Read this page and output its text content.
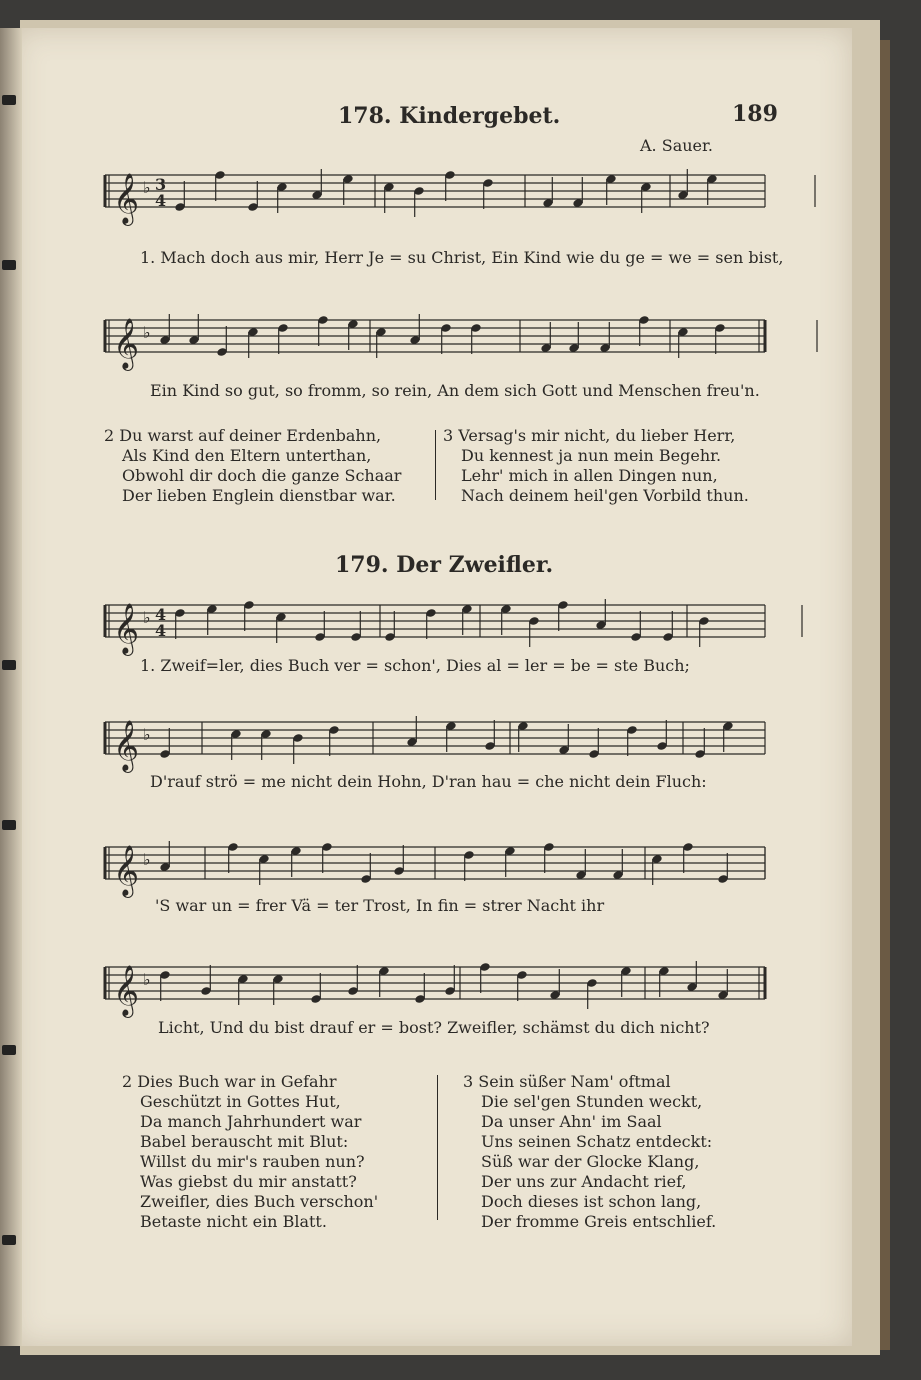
178. Kindergebet.	189
A. Sauer.
𝄞 ♭ 3
4
1. Mach doch aus mir, Herr Je = su Christ, Ein Kind wie du ge = we = sen bist,
𝄞 ♭
Ein Kind so gut, so fromm, so rein, An dem sich Gott und Menschen freu'n.
2 Du warst auf deiner Erdenbahn,
Als Kind den Eltern unterthan,
Obwohl dir doch die ganze Schaar
Der lieben Englein dienstbar war.
3 Versag's mir nicht, du lieber Herr,
Du kennest ja nun mein Begehr.
Lehr' mich in allen Dingen nun,
Nach deinem heil'gen Vorbild thun.
179. Der Zweifler.
𝄞 ♭ 4
4
1. Zweif=ler, dies Buch ver = schon', Dies al = ler = be = ste Buch;
𝄞 ♭
D'rauf strö = me nicht dein Hohn, D'ran hau = che nicht dein Fluch:
𝄞 ♭
'S war un = frer Vä = ter Trost, In fin = strer Nacht ihr
𝄞 ♭
Licht, Und du bist drauf er = bost? Zweifler, schämst du dich nicht?
2 Dies Buch war in Gefahr
Geschützt in Gottes Hut,
Da manch Jahrhundert war
Babel berauscht mit Blut:
Willst du mir's rauben nun?
Was giebst du mir anstatt?
Zweifler, dies Buch verschon'
Betaste nicht ein Blatt.
3 Sein süßer Nam' oftmal
Die sel'gen Stunden weckt,
Da unser Ahn' im Saal
Uns seinen Schatz entdeckt:
Süß war der Glocke Klang,
Der uns zur Andacht rief,
Doch dieses ist schon lang,
Der fromme Greis entschlief.
